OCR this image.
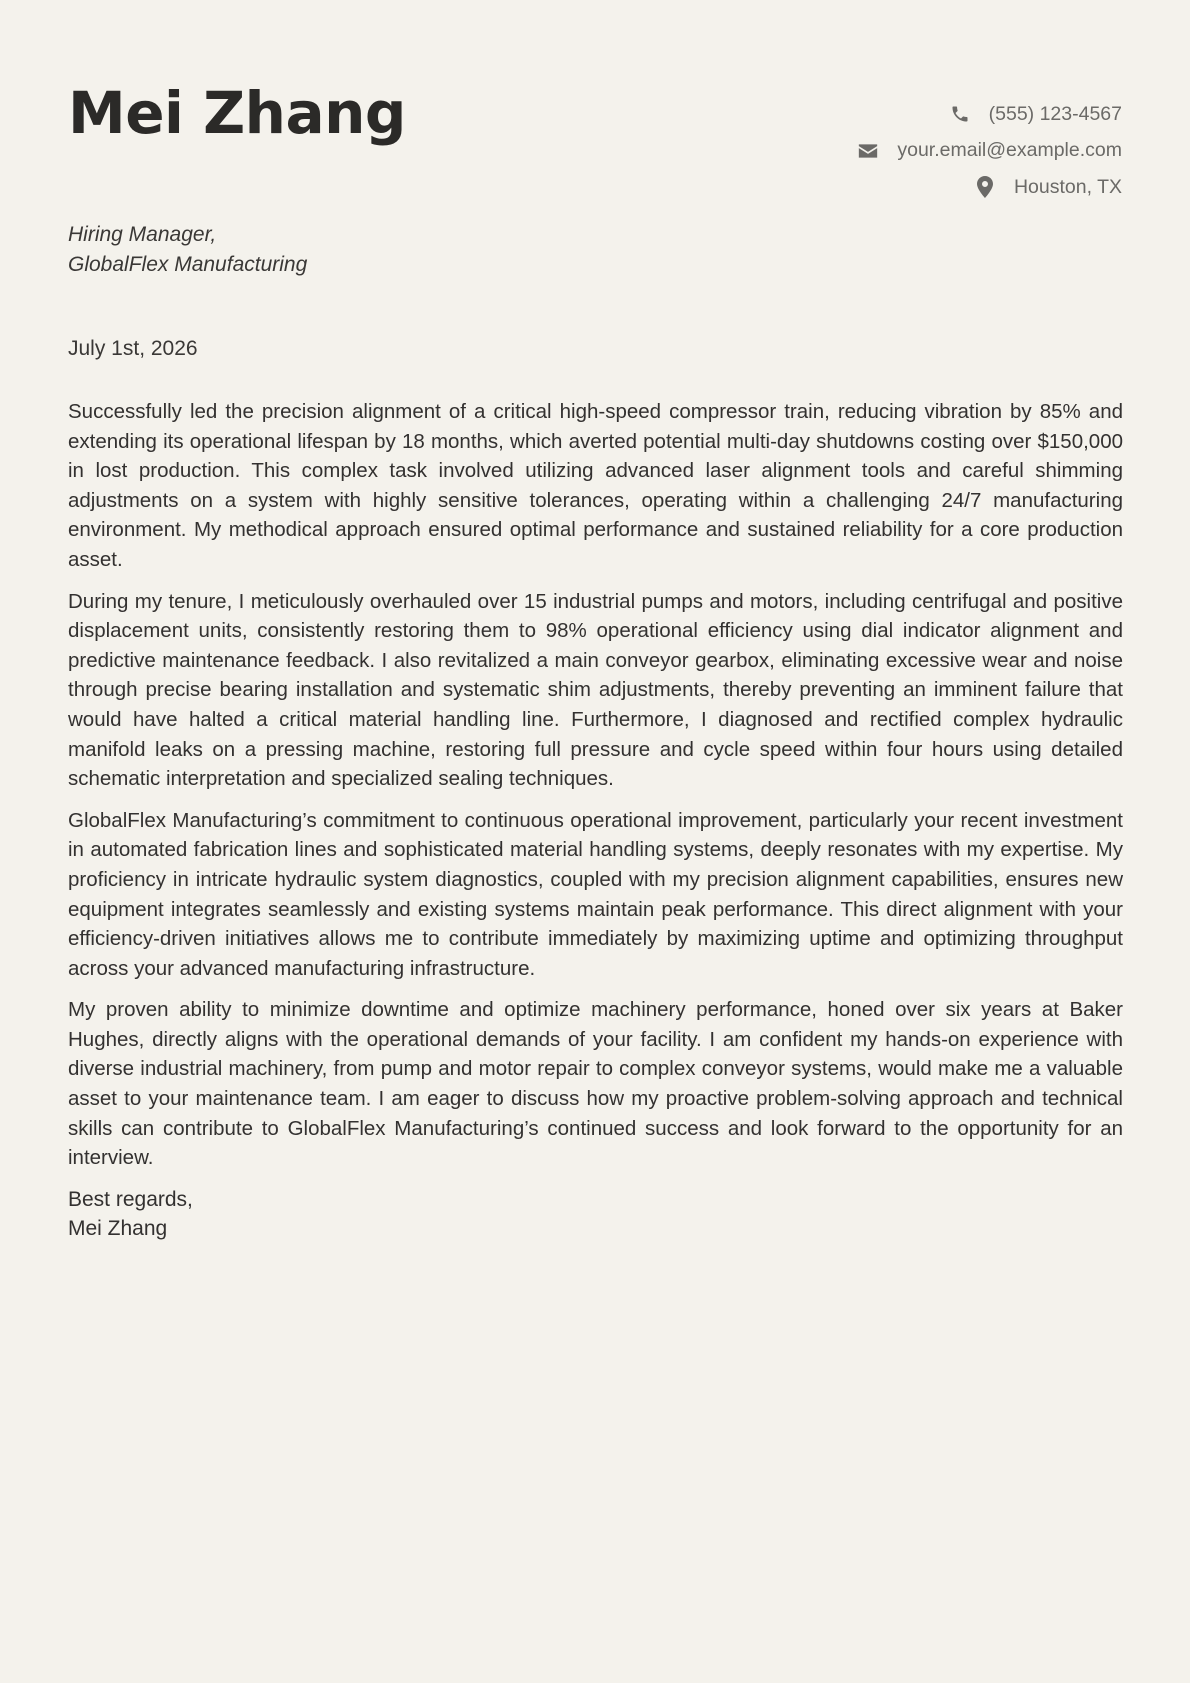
Mei Zhang	(555) 123-4567
your.email@example.com
Houston, TX
Hiring Manager,
GlobalFlex Manufacturing
July 1st, 2026

Successfully led the precision alignment of a critical high-speed compressor train, reducing vibration by 85% and extending its operational lifespan by 18 months, which averted potential multi-day shutdowns costing over $150,000 in lost production. This complex task involved utilizing advanced laser alignment tools and careful shimming adjustments on a system with highly sensitive tolerances, operating within a challenging 24/7 manufacturing environment. My methodical approach ensured optimal performance and sustained reliability for a core production asset.

During my tenure, I meticulously overhauled over 15 industrial pumps and motors, including centrifugal and positive displacement units, consistently restoring them to 98% operational efficiency using dial indicator alignment and predictive maintenance feedback. I also revitalized a main conveyor gearbox, eliminating excessive wear and noise through precise bearing installation and systematic shim adjustments, thereby preventing an imminent failure that would have halted a critical material handling line. Furthermore, I diagnosed and rectified complex hydraulic manifold leaks on a pressing machine, restoring full pressure and cycle speed within four hours using detailed schematic interpretation and specialized sealing techniques.

GlobalFlex Manufacturing’s commitment to continuous operational improvement, particularly your recent investment in automated fabrication lines and sophisticated material handling systems, deeply resonates with my expertise. My proficiency in intricate hydraulic system diagnostics, coupled with my precision alignment capabilities, ensures new equipment integrates seamlessly and existing systems maintain peak performance. This direct alignment with your efficiency-driven initiatives allows me to contribute immediately by maximizing uptime and optimizing throughput across your advanced manufacturing infrastructure.

My proven ability to minimize downtime and optimize machinery performance, honed over six years at Baker Hughes, directly aligns with the operational demands of your facility. I am confident my hands-on experience with diverse industrial machinery, from pump and motor repair to complex conveyor systems, would make me a valuable asset to your maintenance team. I am eager to discuss how my proactive problem-solving approach and technical skills can contribute to GlobalFlex Manufacturing’s continued success and look forward to the opportunity for an interview.

Best regards,
Mei Zhang
